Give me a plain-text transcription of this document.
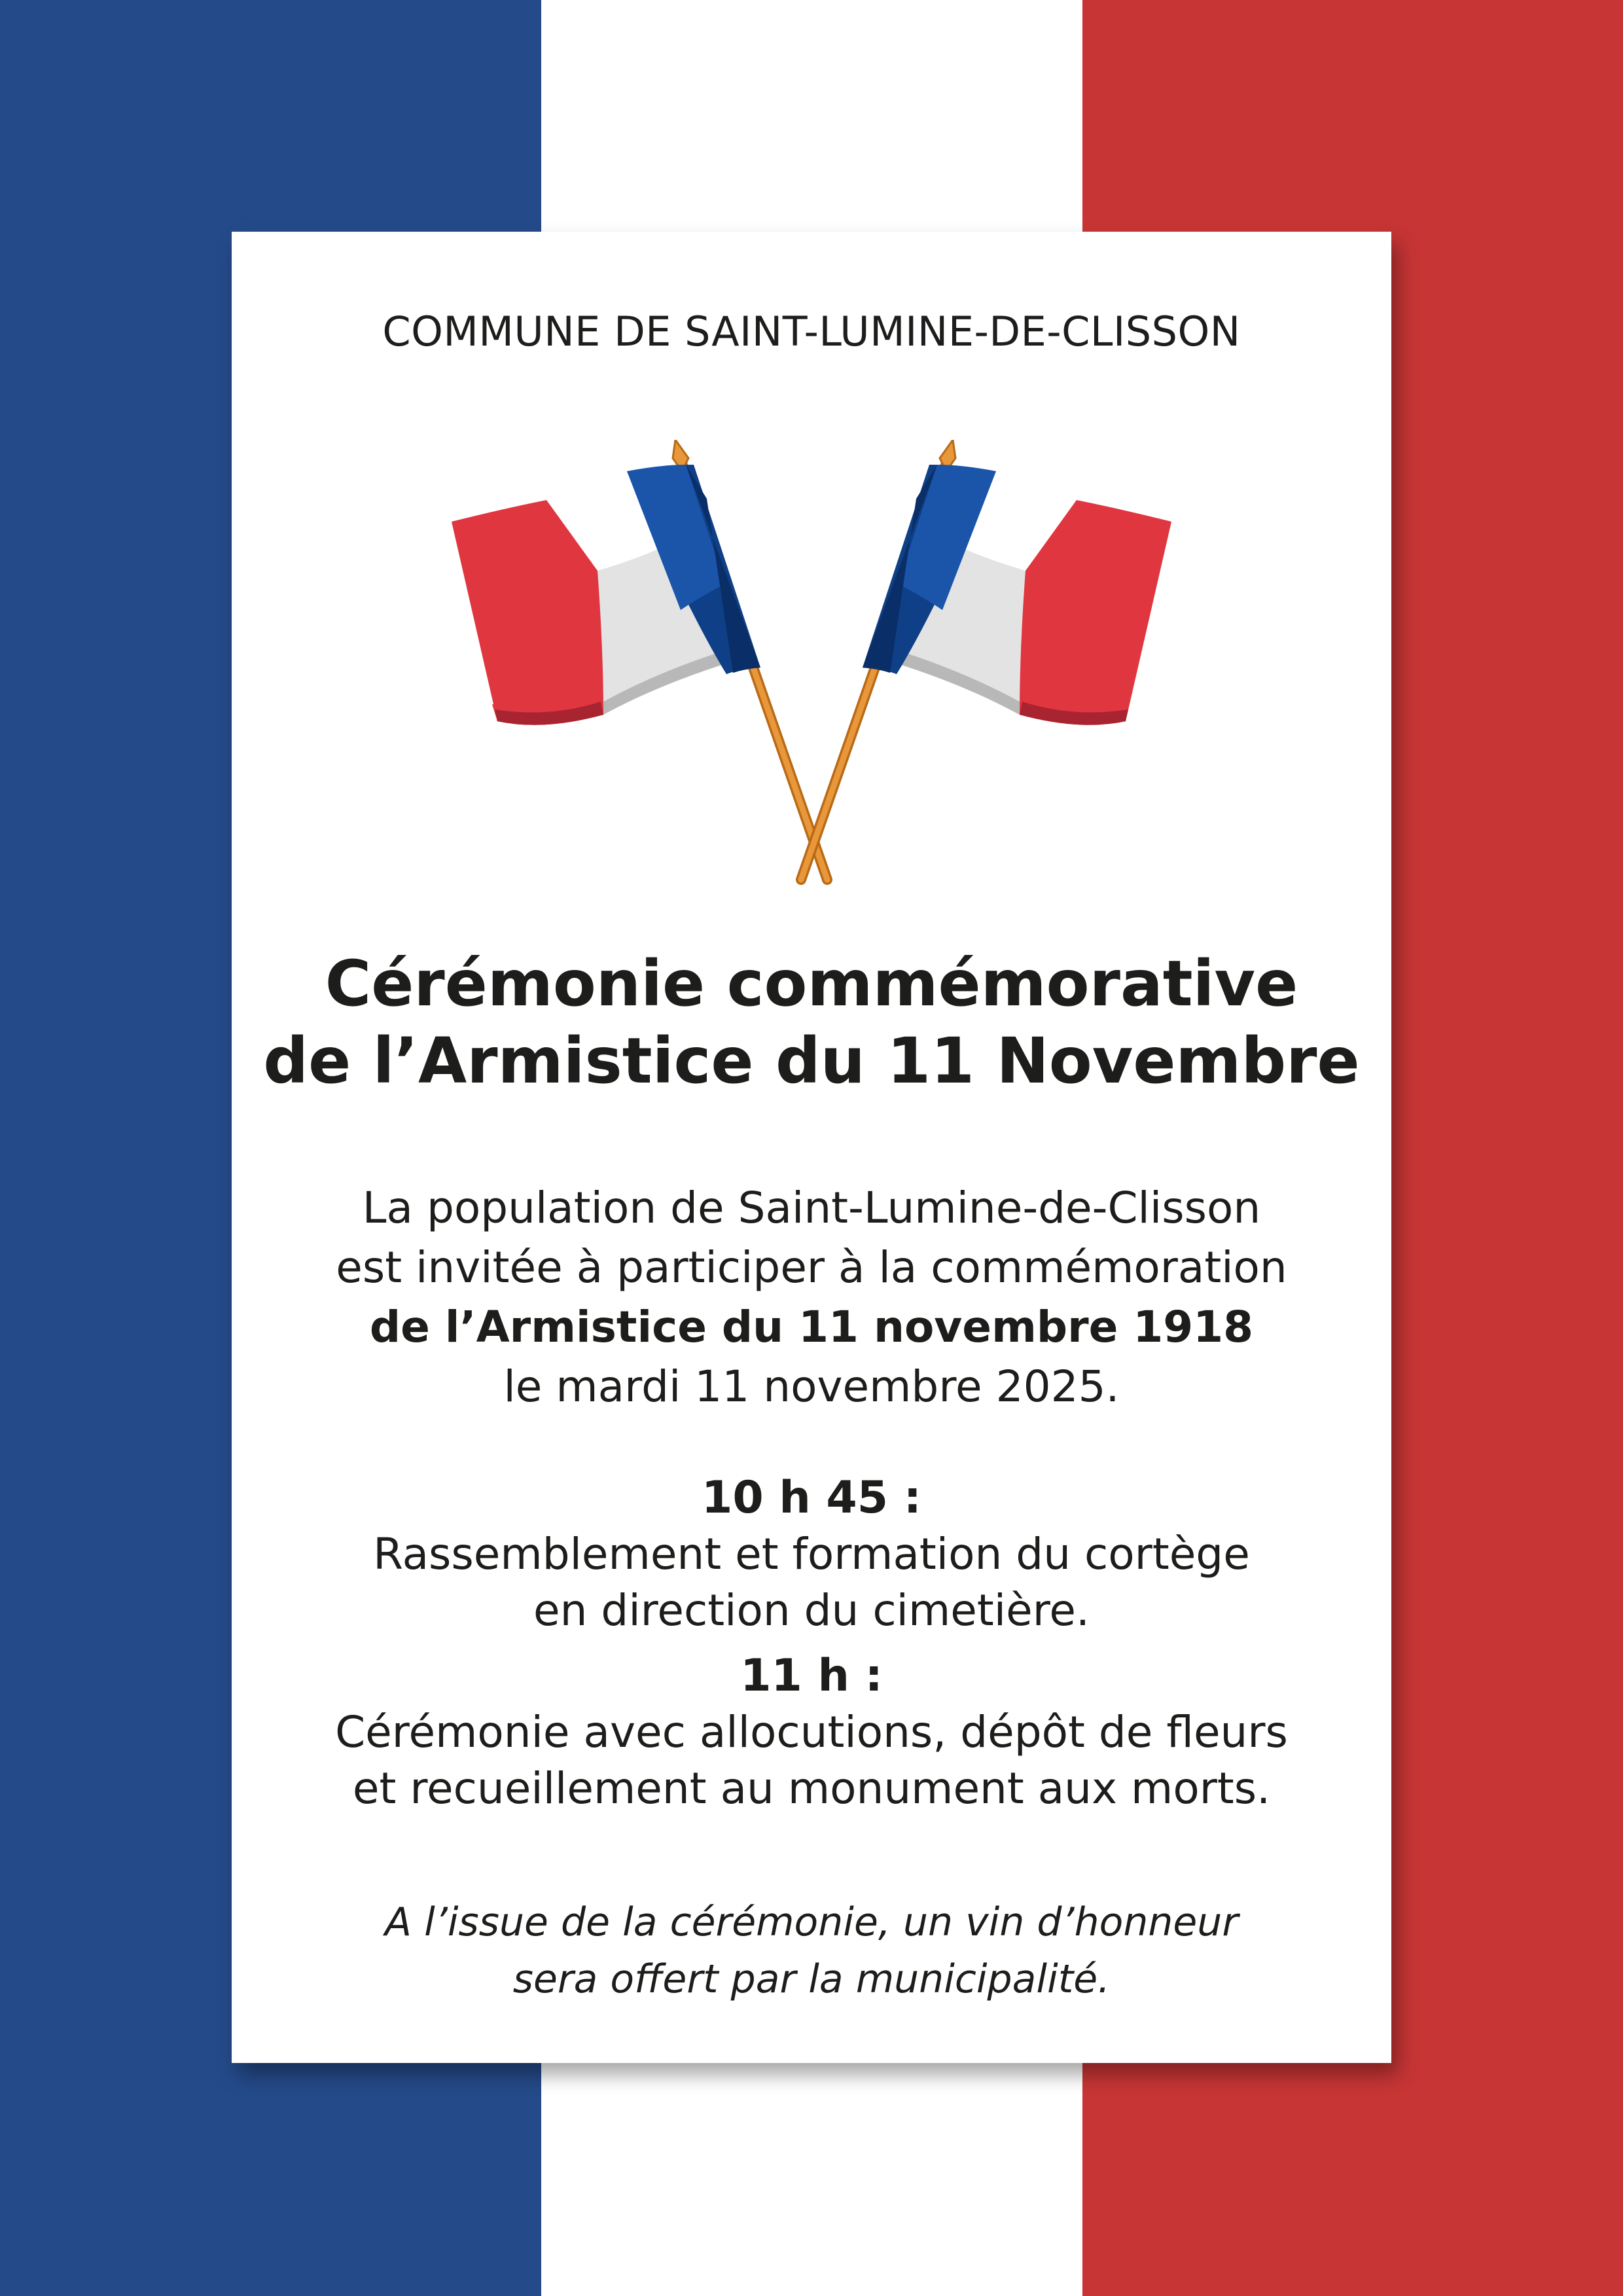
COMMUNE DE SAINT-LUMINE-DE-CLISSON
Cérémonie commémorative
de l’Armistice du 11 Novembre
La population de Saint-Lumine-de-Clisson
est invitée à participer à la commémoration
de l’Armistice du 11 novembre 1918
le mardi 11 novembre 2025.
10 h 45 :
Rassemblement et formation du cortège
en direction du cimetière.
11 h :
Cérémonie avec allocutions, dépôt de fleurs
et recueillement au monument aux morts.
A l’issue de la cérémonie, un vin d’honneur
sera offert par la municipalité.
